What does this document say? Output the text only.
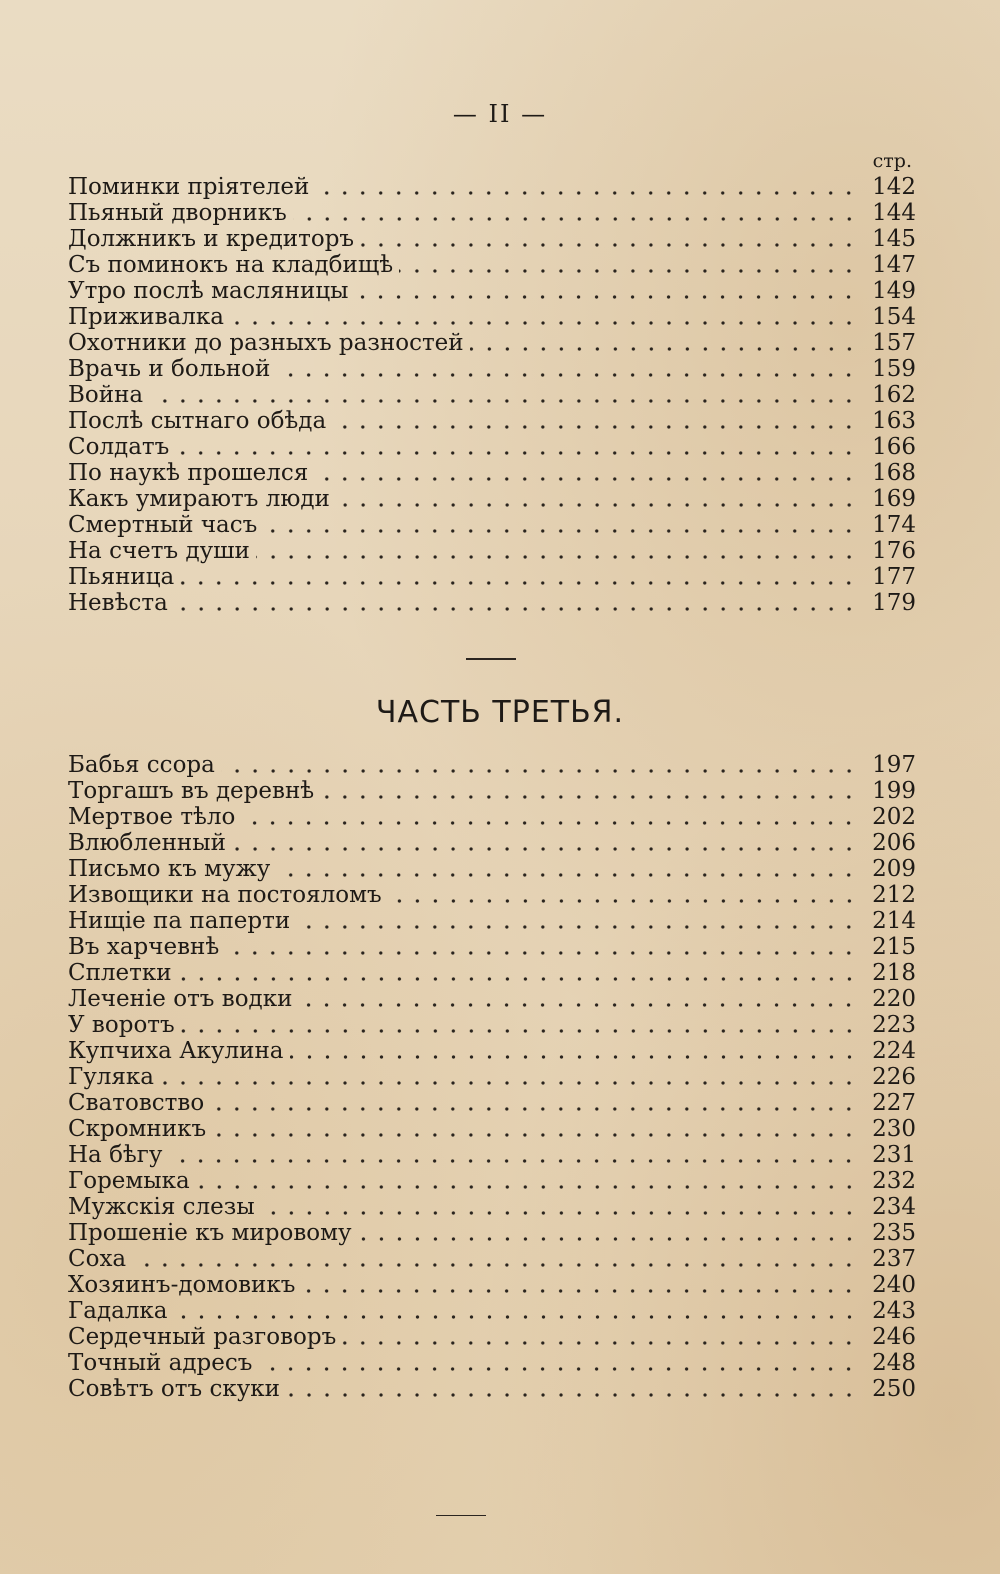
— II —
стр.
Поминки прiятелей	142
Пьяный дворникъ	144
Должникъ и кредиторъ	145
Съ поминокъ на кладбищѣ	147
Утро послѣ масляницы	149
Приживалка	154
Охотники до разныхъ разностей	157
Врачь и больной	159
Война	162
Послѣ сытнаго обѣда	163
Солдатъ	166
По наукѣ прошелся	168
Какъ умираютъ люди	169
Смертный часъ	174
На счетъ души	176
Пьяница	177
Невѣста	179
ЧАСТЬ ТРЕТЬЯ.
Бабья ссора	197
Торгашъ въ деревнѣ	199
Мертвое тѣло	202
Влюбленный	206
Письмо къ мужу	209
Извощики на постояломъ	212
Нищiе па паперти	214
Въ харчевнѣ	215
Сплетки	218
Леченiе отъ водки	220
У воротъ	223
Купчиха Акулина	224
Гуляка	226
Сватовство	227
Скромникъ	230
На бѣгу	231
Горемыка	232
Мужскiя слезы	234
Прошенiе къ мировому	235
Соха	237
Хозяинъ-домовикъ	240
Гадалка	243
Сердечный разговоръ	246
Точный адресъ	248
Совѣтъ отъ скуки	250
